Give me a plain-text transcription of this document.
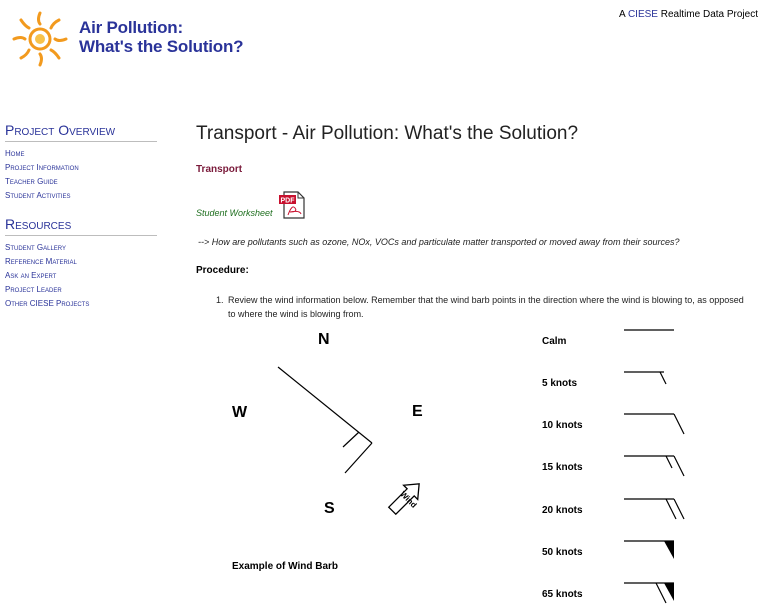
Air Pollution:
What's the Solution?
A CIESE Realtime Data Project
Project Overview
Home
Project Information
Teacher Guide
Student Activities
Resources
Student Gallery
Reference Material
Ask an Expert
Project Leader
Other CIESE Projects
Transport - Air Pollution: What's the Solution?
Transport
Student Worksheet
PDF
--> How are pollutants such as ozone, NOx, VOCs and particulate matter transported or moved away from their sources?
Procedure:
1. Review the wind information below. Remember that the wind barb points in the direction where the wind is blowing to, as opposed to where the wind is blowing from.
N
W	E
S	Wind
Example of Wind Barb
Calm
5 knots
10 knots
15 knots
20 knots
50 knots
65 knots
